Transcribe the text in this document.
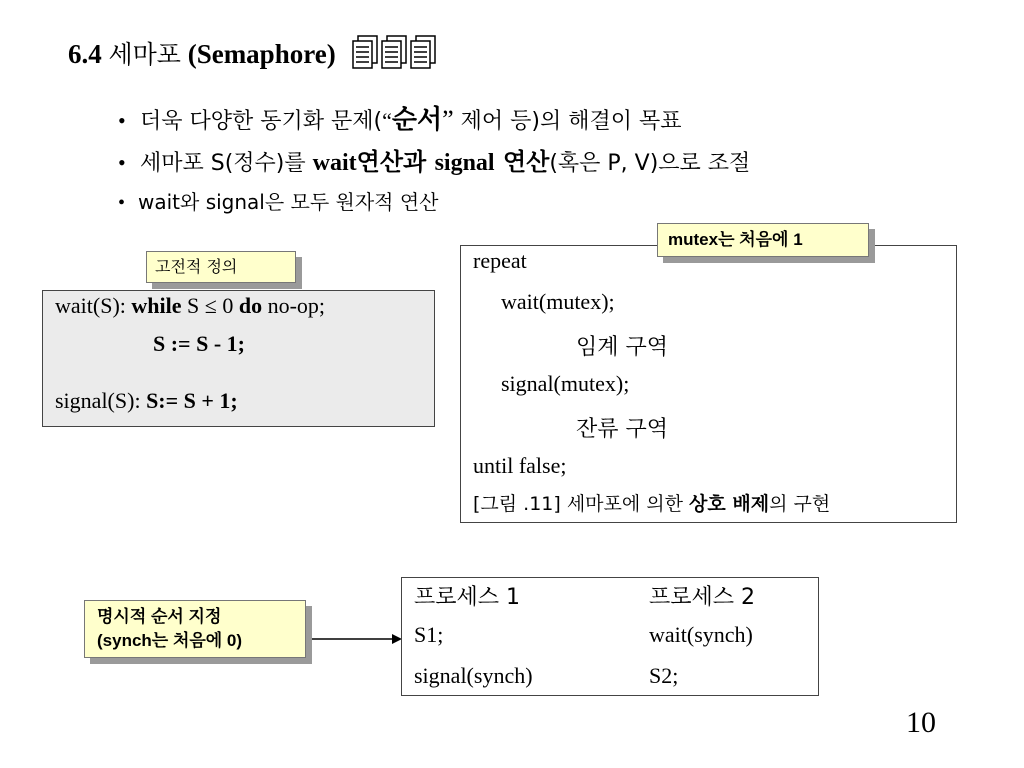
6.4 세마포 (Semaphore)
• 더욱 다양한 동기화 문제(“순서” 제어 등)의 해결이 목표
• 세마포 S(정수)를 wait연산과 signal 연산(혹은 P, V)으로 조절
• wait와 signal은 모두 원자적 연산
고전적 정의
wait(S): while S ≤ 0 do no-op;
S := S - 1;
signal(S): S:= S + 1;
repeat
wait(mutex);
임계 구역
signal(mutex);
잔류 구역
until false;
[그림 .11] 세마포에 의한 상호 배제의 구현
mutex는 처음에 1
명시적 순서 지정
(synch는 처음에 0)
프로세스 1	프로세스 2
S1;	wait(synch)
signal(synch)	S2;
10
